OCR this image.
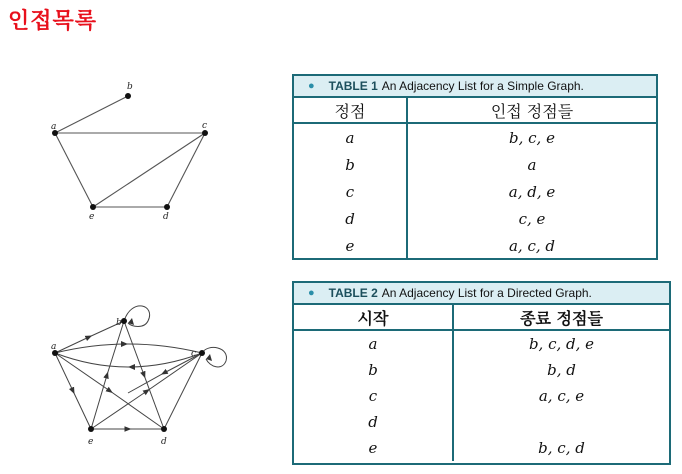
인접목록
a
b
c
d
e
a
b
c
d
e
● TABLE 1 An Adjacency List for a Simple Graph.
정점	인접 정점들
a
b
c
d
e
b, c, e
a
a, d, e
c, e
a, c, d
● TABLE 2 An Adjacency List for a Directed Graph.
시작	종료 정점들
a
b
c
d
e
b, c, d, e
b, d
a, c, e
b, c, d
